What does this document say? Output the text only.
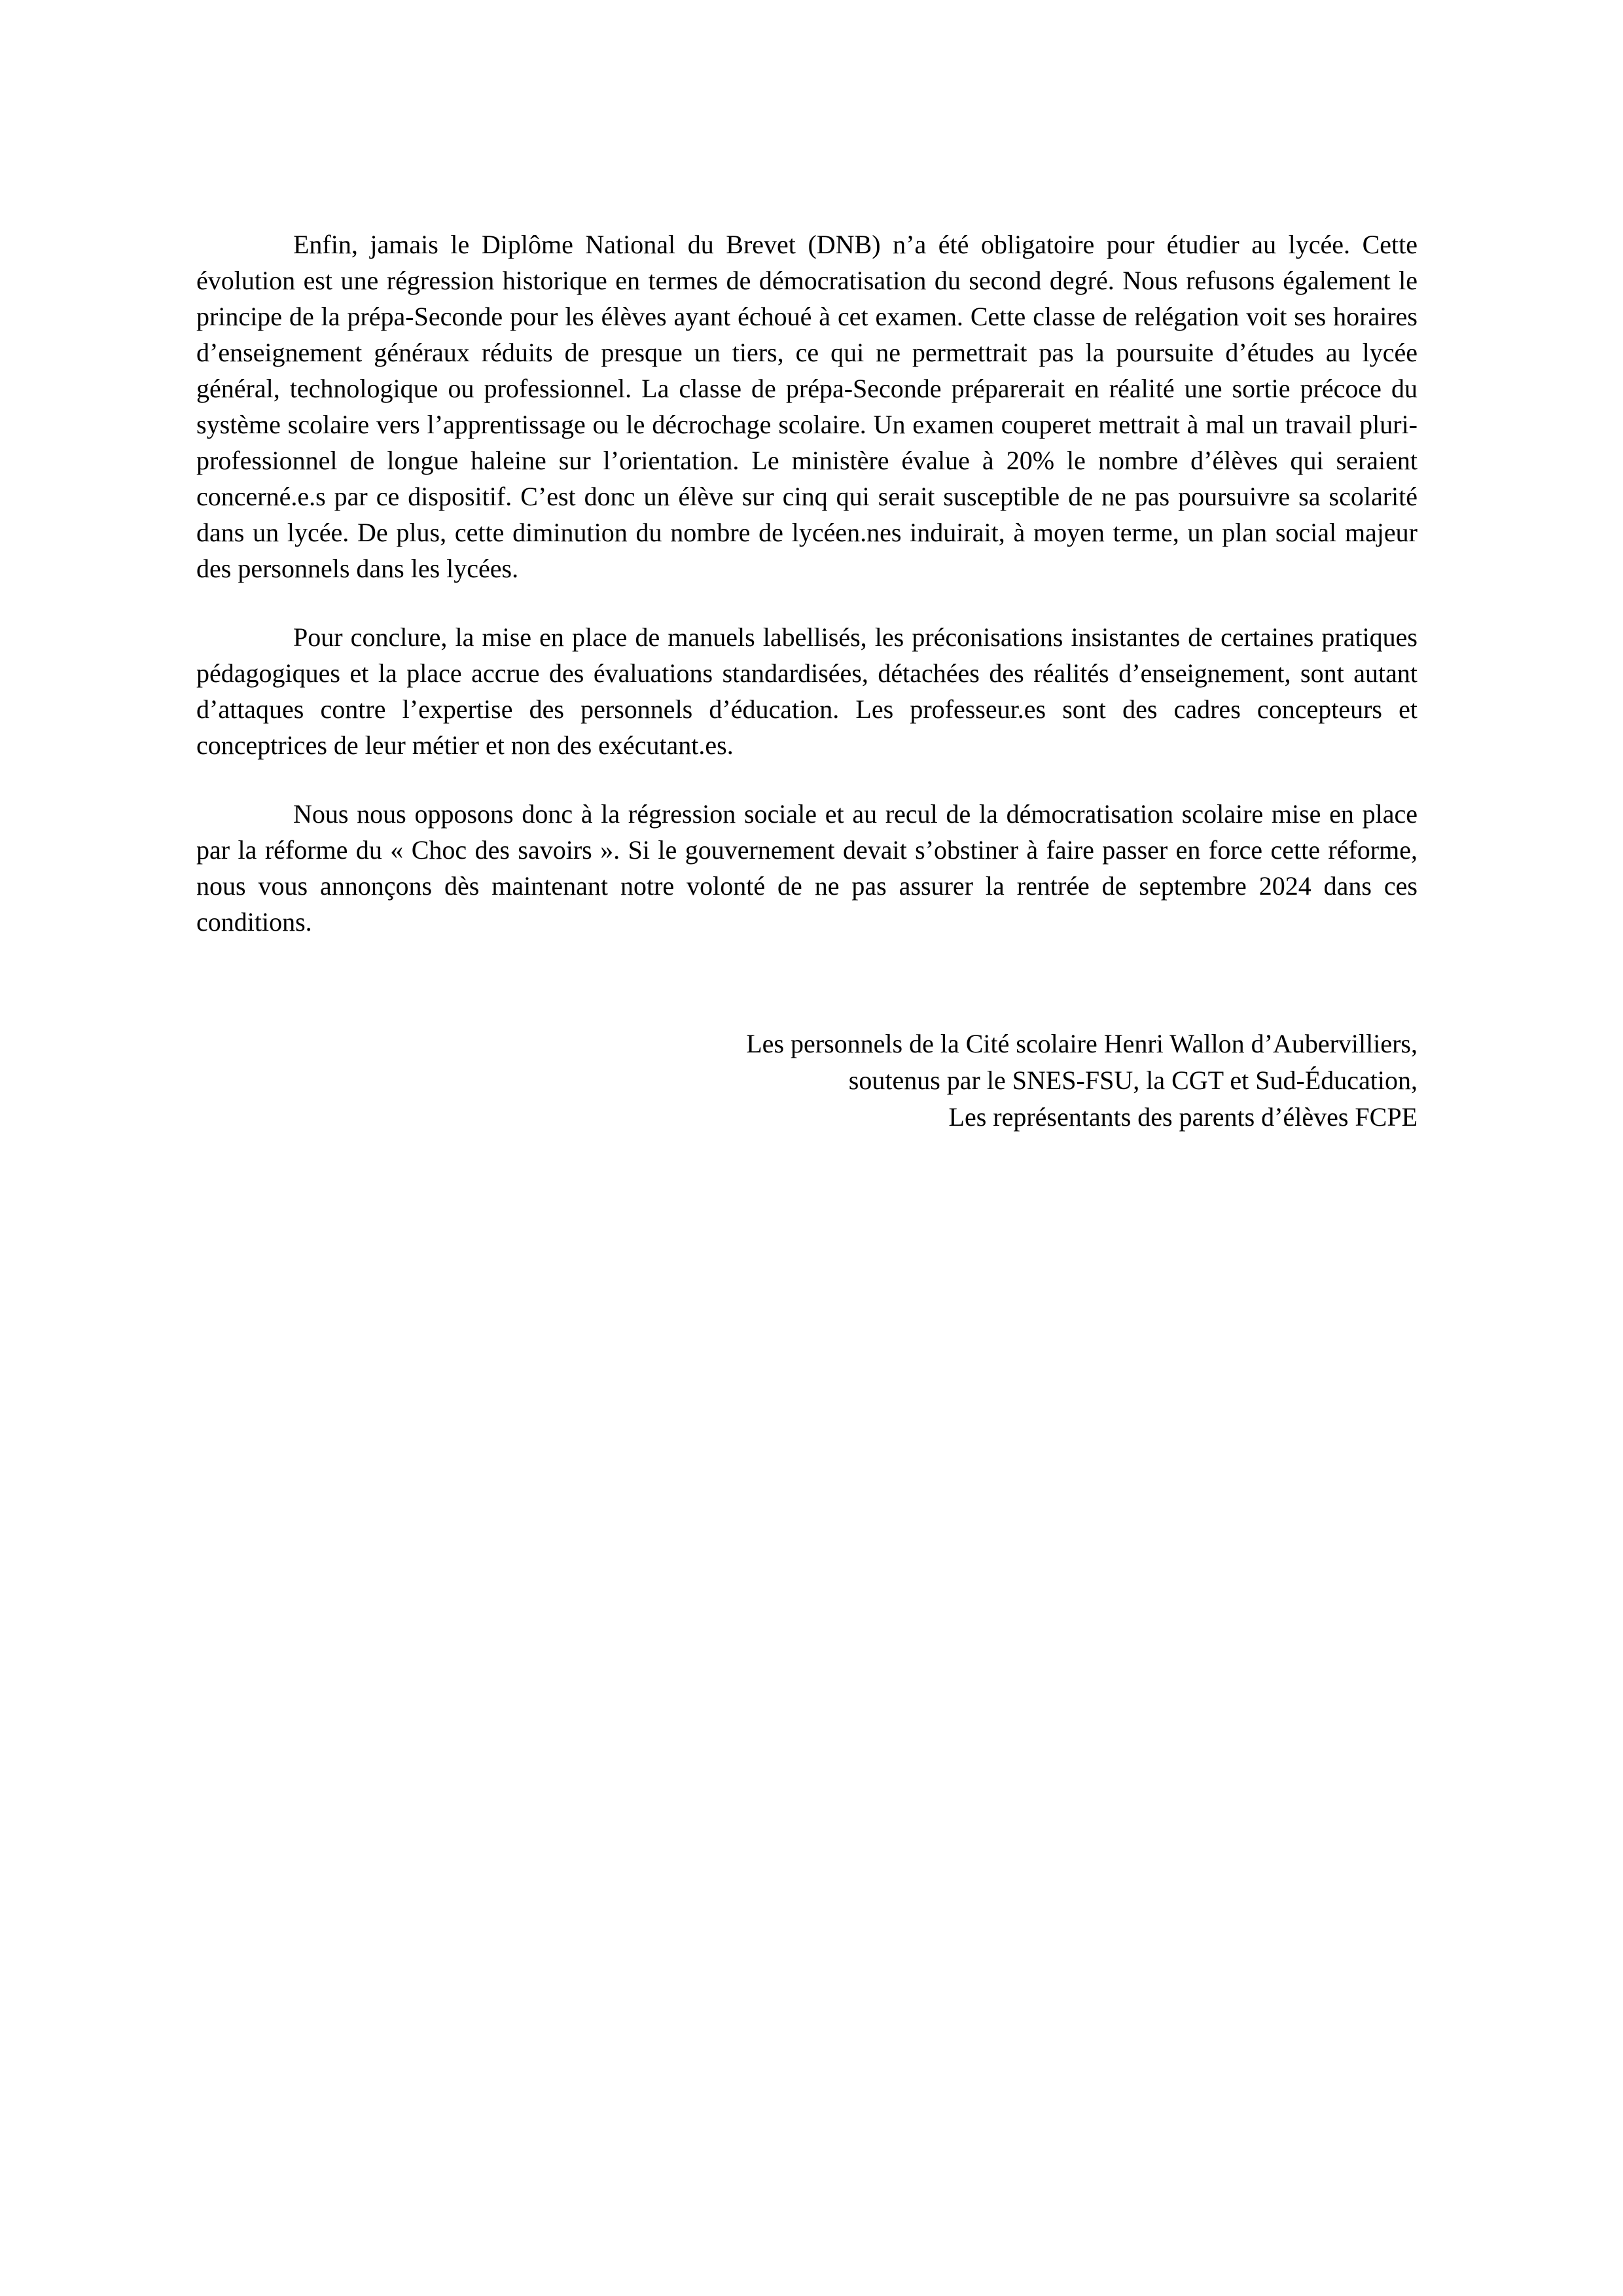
Enfin, jamais le Diplôme National du Brevet (DNB) n’a été obligatoire pour étudier au lycée. Cette évolution est une régression historique en termes de démocratisation du second degré. Nous refusons également le principe de la prépa-Seconde pour les élèves ayant échoué à cet examen. Cette classe de relégation voit ses horaires d’enseignement généraux réduits de presque un tiers, ce qui ne permettrait pas la poursuite d’études au lycée général, technologique ou professionnel. La classe de prépa-Seconde préparerait en réalité une sortie précoce du système scolaire vers l’apprentissage ou le décrochage scolaire. Un examen couperet mettrait à mal un travail pluri-professionnel de longue haleine sur l’orientation. Le ministère évalue à 20% le nombre d’élèves qui seraient concerné.e.s par ce dispositif. C’est donc un élève sur cinq qui serait susceptible de ne pas poursuivre sa scolarité dans un lycée. De plus, cette diminution du nombre de lycéen.nes induirait, à moyen terme, un plan social majeur des personnels dans les lycées.

Pour conclure, la mise en place de manuels labellisés, les préconisations insistantes de certaines pratiques pédagogiques et la place accrue des évaluations standardisées, détachées des réalités d’enseignement, sont autant d’attaques contre l’expertise des personnels d’éducation. Les professeur.es sont des cadres concepteurs et conceptrices de leur métier et non des exécutant.es.

Nous nous opposons donc à la régression sociale et au recul de la démocratisation scolaire mise en place par la réforme du « Choc des savoirs ». Si le gouvernement devait s’obstiner à faire passer en force cette réforme, nous vous annonçons dès maintenant notre volonté de ne pas assurer la rentrée de septembre 2024 dans ces conditions.

Les personnels de la Cité scolaire Henri Wallon d’Aubervilliers,
soutenus par le SNES-FSU, la CGT et Sud-Éducation,
Les représentants des parents d’élèves FCPE
